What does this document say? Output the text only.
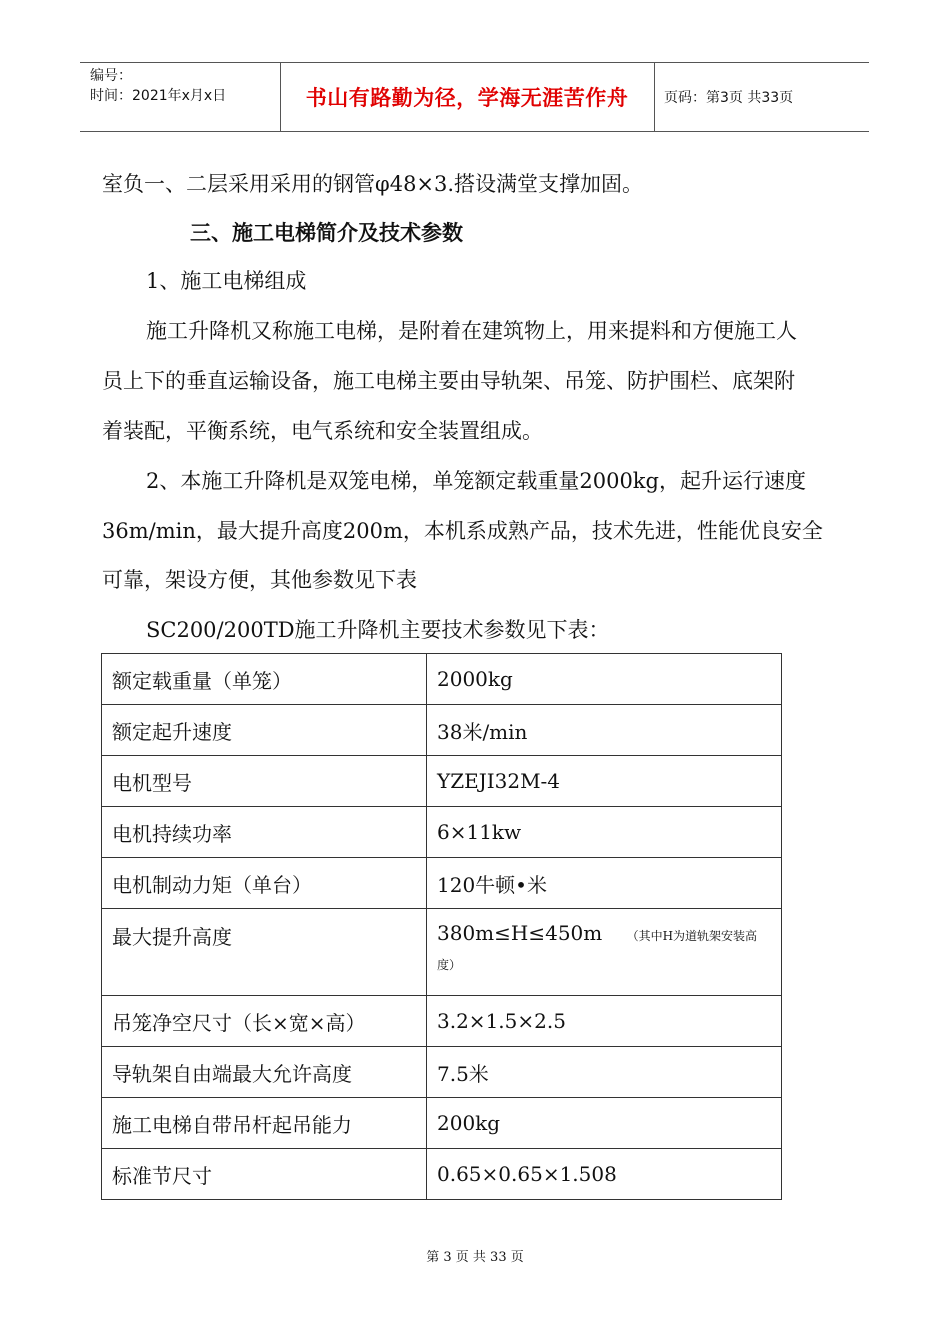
编号：
时间：2021年x月x日	书山有路勤为径，学海无涯苦作舟	页码：第3页 共33页

室负一、二层采用采用的钢管φ48×3.搭设满堂支撑加固。

三、施工电梯简介及技术参数

1、施工电梯组成

施工升降机又称施工电梯，是附着在建筑物上，用来提料和方便施工人

员上下的垂直运输设备，施工电梯主要由导轨架、吊笼、防护围栏、底架附

着装配，平衡系统，电气系统和安全装置组成。

2、本施工升降机是双笼电梯，单笼额定载重量2000kg，起升运行速度

36m/min，最大提升高度200m，本机系成熟产品，技术先进，性能优良安全

可靠，架设方便，其他参数见下表

SC200/200TD施工升降机主要技术参数见下表：

额定载重量（单笼）	2000kg
额定起升速度	38米/min
电机型号	YZEJI32M-4
电机持续功率	6×11kw
电机制动力矩（单台）	120牛顿•米
最大提升高度	380m≤H≤450m （其中H为道轨架安装高
度）
吊笼净空尺寸（长×宽×高）	3.2×1.5×2.5
导轨架自由端最大允许高度	7.5米
施工电梯自带吊杆起吊能力	200kg
标准节尺寸	0.65×0.65×1.508
第 3 页 共 33 页
